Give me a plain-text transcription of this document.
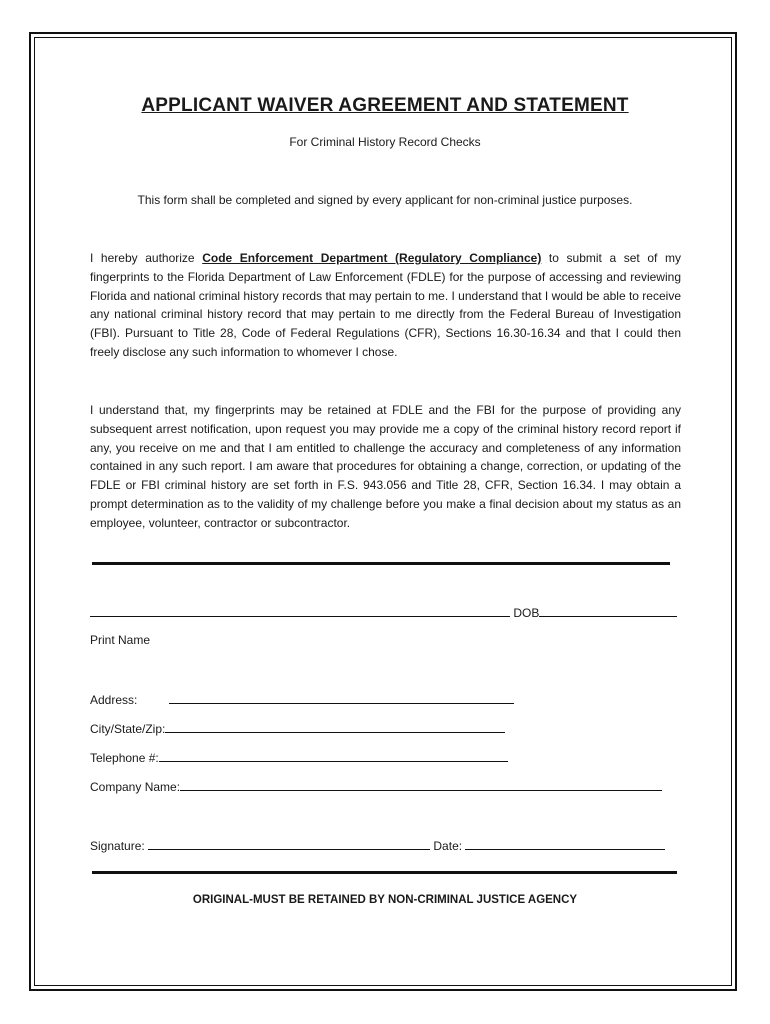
APPLICANT WAIVER AGREEMENT AND STATEMENT
For Criminal History Record Checks
This form shall be completed and signed by every applicant for non-criminal justice purposes.
I hereby authorize Code Enforcement Department (Regulatory Compliance) to submit a set of my fingerprints to the Florida Department of Law Enforcement (FDLE) for the purpose of accessing and reviewing Florida and national criminal history records that may pertain to me. I understand that I would be able to receive any national criminal history record that may pertain to me directly from the Federal Bureau of Investigation (FBI). Pursuant to Title 28, Code of Federal Regulations (CFR), Sections 16.30-16.34 and that I could then freely disclose any such information to whomever I chose.
I understand that, my fingerprints may be retained at FDLE and the FBI for the purpose of providing any subsequent arrest notification, upon request you may provide me a copy of the criminal history record report if any, you receive on me and that I am entitled to challenge the accuracy and completeness of any information contained in any such report. I am aware that procedures for obtaining a change, correction, or updating of the FDLE or FBI criminal history are set forth in F.S. 943.056 and Title 28, CFR, Section 16.34. I may obtain a prompt determination as to the validity of my challenge before you make a final decision about my status as an employee, volunteer, contractor or subcontractor.
DOB
Print Name
Address:
City/State/Zip:
Telephone #:
Company Name:
Signature:	Date:
ORIGINAL-MUST BE RETAINED BY NON-CRIMINAL JUSTICE AGENCY
